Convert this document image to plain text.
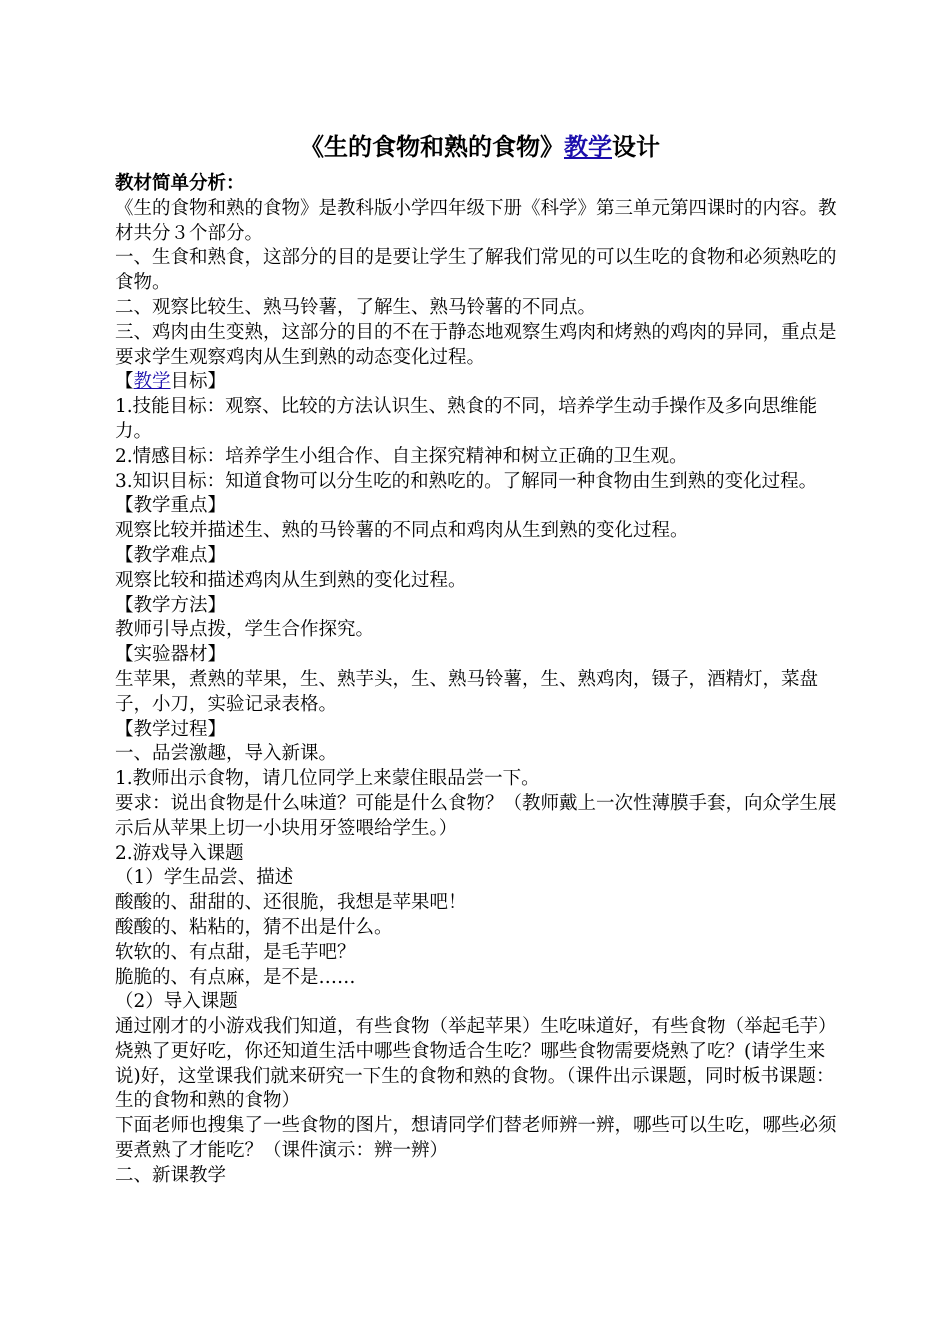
《生的食物和熟的食物》教学设计
教材简单分析：
《生的食物和熟的食物》是教科版小学四年级下册《科学》第三单元第四课时的内容。教材共分３个部分。
一、生食和熟食，这部分的目的是要让学生了解我们常见的可以生吃的食物和必须熟吃的食物。
二、观察比较生、熟马铃薯，了解生、熟马铃薯的不同点。
三、鸡肉由生变熟，这部分的目的不在于静态地观察生鸡肉和烤熟的鸡肉的异同，重点是要求学生观察鸡肉从生到熟的动态变化过程。
【教学目标】
1.技能目标：观察、比较的方法认识生、熟食的不同，培养学生动手操作及多向思维能力。
2.情感目标：培养学生小组合作、自主探究精神和树立正确的卫生观。
3.知识目标：知道食物可以分生吃的和熟吃的。了解同一种食物由生到熟的变化过程。
【教学重点】
观察比较并描述生、熟的马铃薯的不同点和鸡肉从生到熟的变化过程。
【教学难点】
观察比较和描述鸡肉从生到熟的变化过程。
【教学方法】
教师引导点拨，学生合作探究。
【实验器材】
生苹果，煮熟的苹果，生、熟芋头，生、熟马铃薯，生、熟鸡肉，镊子，酒精灯，菜盘子，小刀，实验记录表格。
【教学过程】
一、品尝激趣，导入新课。
1.教师出示食物，请几位同学上来蒙住眼品尝一下。
要求：说出食物是什么味道？可能是什么食物？（教师戴上一次性薄膜手套，向众学生展示后从苹果上切一小块用牙签喂给学生。）
2.游戏导入课题
（1）学生品尝、描述
酸酸的、甜甜的、还很脆，我想是苹果吧！
酸酸的、粘粘的，猜不出是什么。
软软的、有点甜，是毛芋吧？
脆脆的、有点麻，是不是……
（2）导入课题
通过刚才的小游戏我们知道，有些食物（举起苹果）生吃味道好，有些食物（举起毛芋）烧熟了更好吃，你还知道生活中哪些食物适合生吃？哪些食物需要烧熟了吃？(请学生来说)好，这堂课我们就来研究一下生的食物和熟的食物。（课件出示课题，同时板书课题：生的食物和熟的食物）
下面老师也搜集了一些食物的图片，想请同学们替老师辨一辨，哪些可以生吃，哪些必须要煮熟了才能吃？（课件演示：辨一辨）
二、新课教学
